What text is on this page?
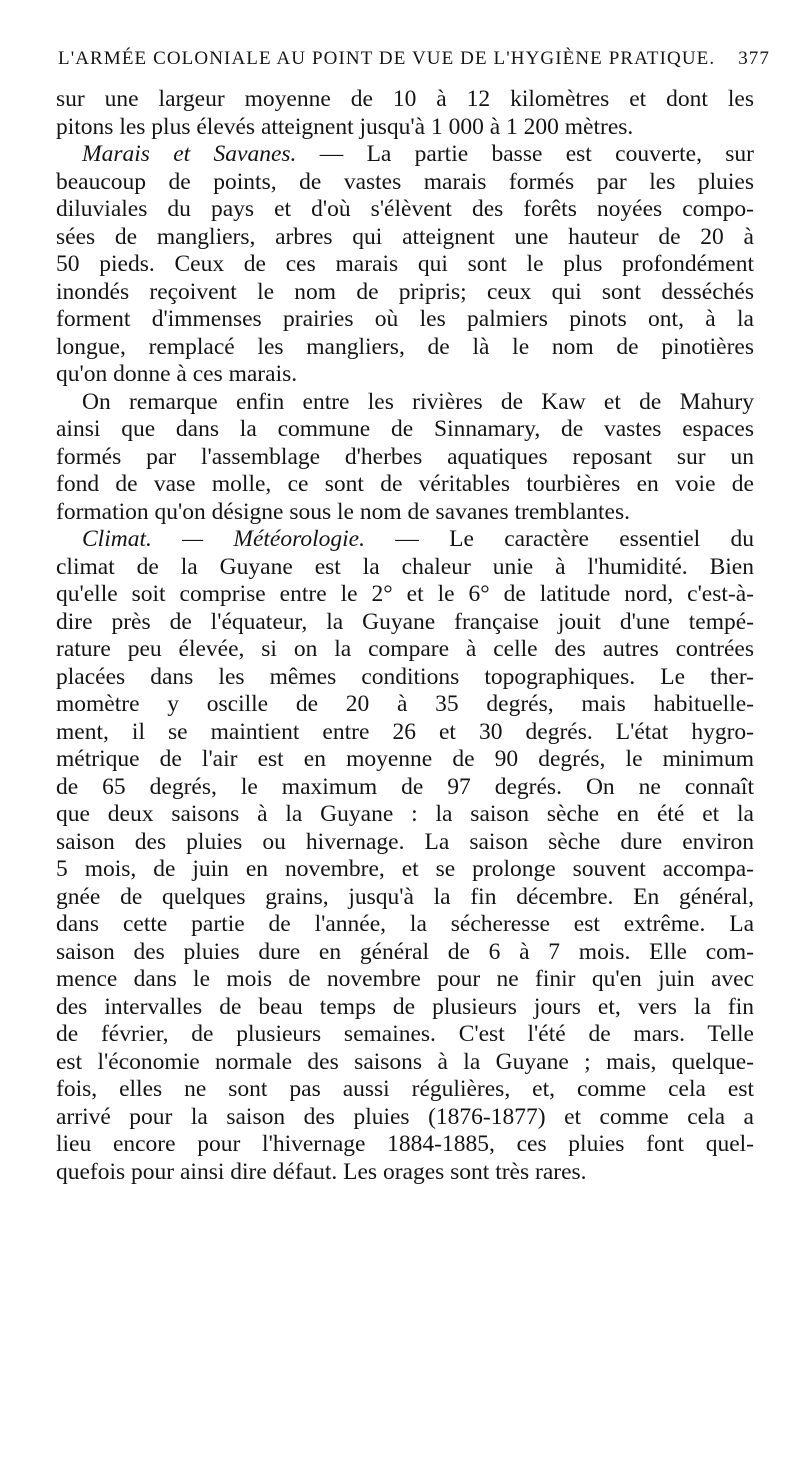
L'ARMÉE COLONIALE AU POINT DE VUE DE L'HYGIÈNE PRATIQUE. 377
sur une largeur moyenne de 10 à 12 kilomètres et dont les
pitons les plus élevés atteignent jusqu'à 1 000 à 1 200 mètres.
Marais et Savanes. — La partie basse est couverte, sur
beaucoup de points, de vastes marais formés par les pluies
diluviales du pays et d'où s'élèvent des forêts noyées compo-
sées de mangliers, arbres qui atteignent une hauteur de 20 à
50 pieds. Ceux de ces marais qui sont le plus profondément
inondés reçoivent le nom de pripris; ceux qui sont desséchés
forment d'immenses prairies où les palmiers pinots ont, à la
longue, remplacé les mangliers, de là le nom de pinotières
qu'on donne à ces marais.
On remarque enfin entre les rivières de Kaw et de Mahury
ainsi que dans la commune de Sinnamary, de vastes espaces
formés par l'assemblage d'herbes aquatiques reposant sur un
fond de vase molle, ce sont de véritables tourbières en voie de
formation qu'on désigne sous le nom de savanes tremblantes.
Climat. — Météorologie. — Le caractère essentiel du
climat de la Guyane est la chaleur unie à l'humidité. Bien
qu'elle soit comprise entre le 2° et le 6° de latitude nord, c'est-à-
dire près de l'équateur, la Guyane française jouit d'une tempé-
rature peu élevée, si on la compare à celle des autres contrées
placées dans les mêmes conditions topographiques. Le ther-
momètre y oscille de 20 à 35 degrés, mais habituelle-
ment, il se maintient entre 26 et 30 degrés. L'état hygro-
métrique de l'air est en moyenne de 90 degrés, le minimum
de 65 degrés, le maximum de 97 degrés. On ne connaît
que deux saisons à la Guyane : la saison sèche en été et la
saison des pluies ou hivernage. La saison sèche dure environ
5 mois, de juin en novembre, et se prolonge souvent accompa-
gnée de quelques grains, jusqu'à la fin décembre. En général,
dans cette partie de l'année, la sécheresse est extrême. La
saison des pluies dure en général de 6 à 7 mois. Elle com-
mence dans le mois de novembre pour ne finir qu'en juin avec
des intervalles de beau temps de plusieurs jours et, vers la fin
de février, de plusieurs semaines. C'est l'été de mars. Telle
est l'économie normale des saisons à la Guyane ; mais, quelque-
fois, elles ne sont pas aussi régulières, et, comme cela est
arrivé pour la saison des pluies (1876-1877) et comme cela a
lieu encore pour l'hivernage 1884-1885, ces pluies font quel-
quefois pour ainsi dire défaut. Les orages sont très rares.
